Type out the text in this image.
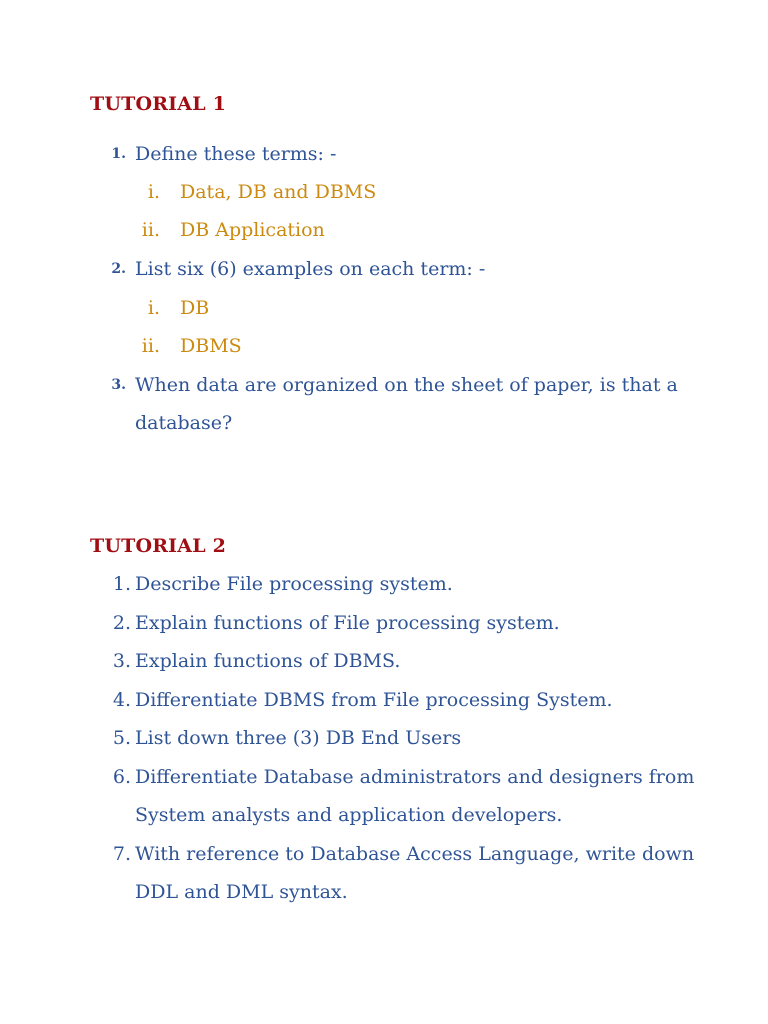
TUTORIAL 1
1. Define these terms: -
i. Data, DB and DBMS
ii. DB Application
2. List six (6) examples on each term: -
i. DB
ii. DBMS
3. When data are organized on the sheet of paper, is that a
database?
TUTORIAL 2
1. Describe File processing system.
2. Explain functions of File processing system.
3. Explain functions of DBMS.
4. Differentiate DBMS from File processing System.
5. List down three (3) DB End Users
6. Differentiate Database administrators and designers from
System analysts and application developers.
7. With reference to Database Access Language, write down
DDL and DML syntax.
